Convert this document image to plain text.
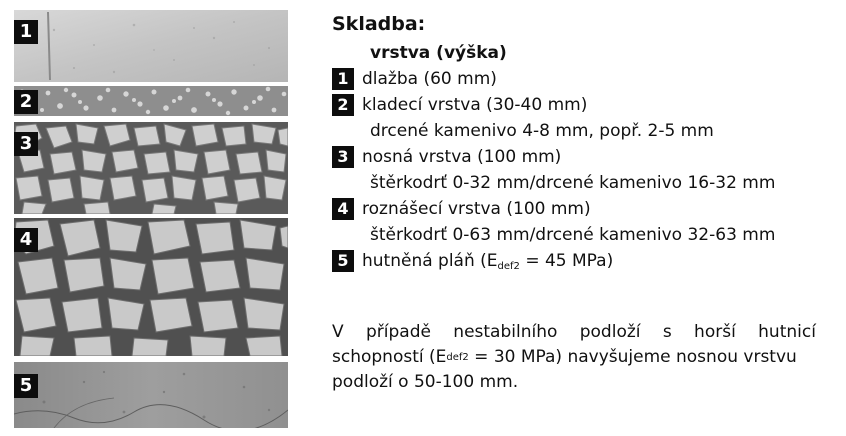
1
2
3
4
5
Skladba:
vrstva (výška)
1 dlažba (60 mm)
2 kladecí vrstva (30-40 mm)
drcené kamenivo 4-8 mm, popř. 2-5 mm
3 nosná vrstva (100 mm)
štěrkodrť 0-32 mm/drcené kamenivo 16-32 mm
4 roznášecí vrstva (100 mm)
štěrkodrť 0-63 mm/drcené kamenivo 32-63 mm
5 hutněná pláň ($E_{def2} = 45$ MPa)
V případě nestabilního podloží s horší hutnicí
schopností (E def2 = 30 MPa) navyšujeme nosnou vrstvu
podloží o 50-100 mm.
